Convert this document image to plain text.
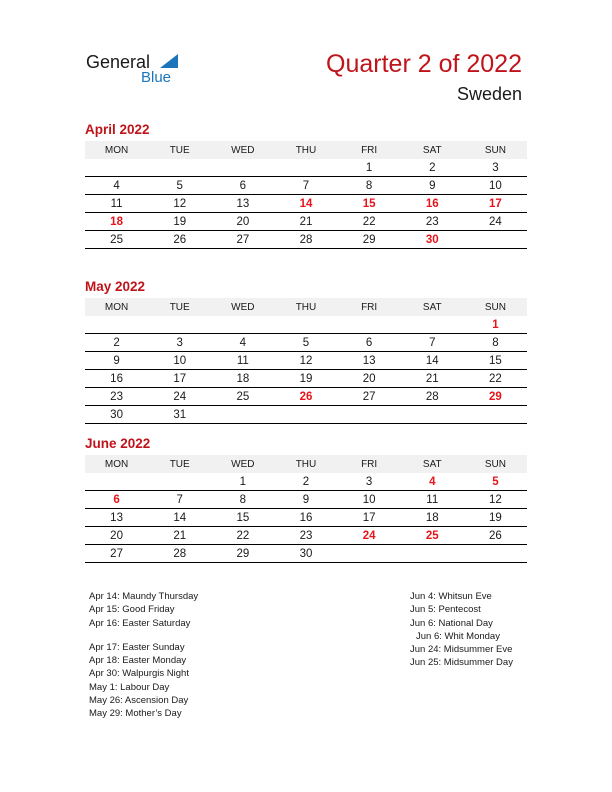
General
Blue	Quarter 2 of 2022
Sweden
April 2022
MON	TUE	WED	THU	FRI	SAT	SUN
				1	2	3
4	5	6	7	8	9	10
11	12	13	14	15	16	17
18	19	20	21	22	23	24
25	26	27	28	29	30	
May 2022
MON	TUE	WED	THU	FRI	SAT	SUN
						1
2	3	4	5	6	7	8
9	10	11	12	13	14	15
16	17	18	19	20	21	22
23	24	25	26	27	28	29
30	31					
June 2022
MON	TUE	WED	THU	FRI	SAT	SUN
		1	2	3	4	5
6	7	8	9	10	11	12
13	14	15	16	17	18	19
20	21	22	23	24	25	26
27	28	29	30			
Apr 14: Maundy Thursday
Apr 15: Good Friday
Apr 16: Easter Saturday
Apr 17: Easter Sunday
Apr 18: Easter Monday
Apr 30: Walpurgis Night
May 1: Labour Day
May 26: Ascension Day
May 29: Mother’s Day
Jun 4: Whitsun Eve
Jun 5: Pentecost
Jun 6: National Day
Jun 6: Whit Monday
Jun 24: Midsummer Eve
Jun 25: Midsummer Day
